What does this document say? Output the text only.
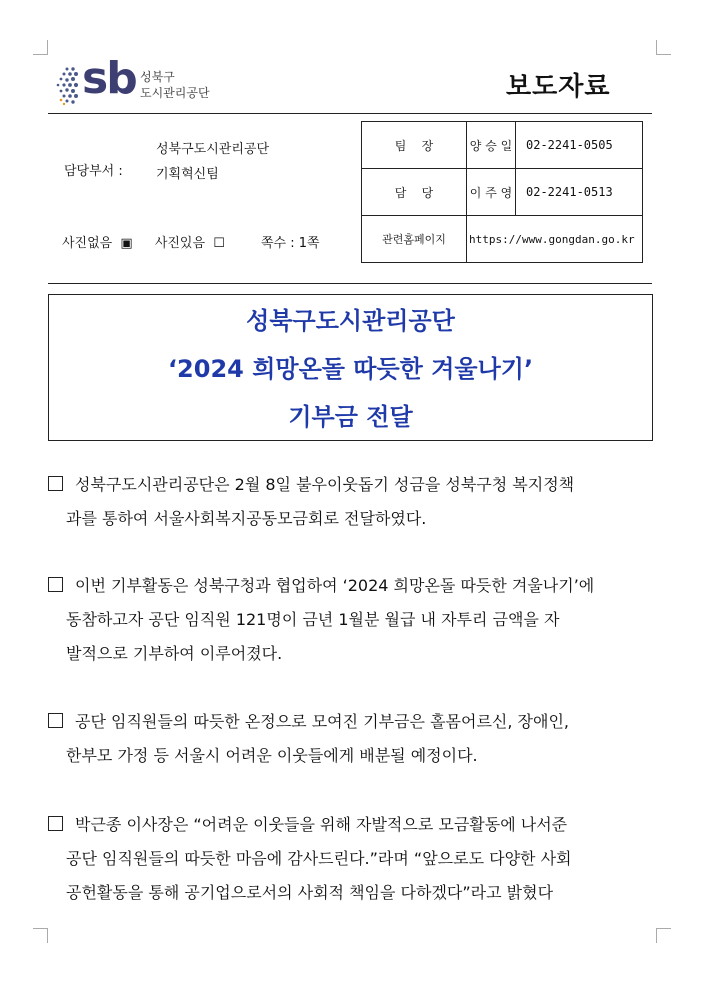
성북구
도시관리공단
sb	보도자료
담당부서 :
성북구도시관리공단
기획혁신팀
사진없음 ▣ 사진있음 ☐	쪽수 : 1쪽
팀    장	양 승 일	02-2241-0505
담    당	이 주 영	02-2241-0513
관련홈페이지	https://www.gongdan.go.kr	
성북구도시관리공단
‘2024 희망온돌 따듯한 겨울나기’
기부금 전달
성북구도시관리공단은 2월 8일 불우이웃돕기 성금을 성북구청 복지정책
과를 통하여 서울사회복지공동모금회로 전달하였다.
이번 기부활동은 성북구청과 협업하여 ‘2024 희망온돌 따듯한 겨울나기’에
동참하고자 공단 임직원 121명이 금년 1월분 월급 내 자투리 금액을 자
발적으로 기부하여 이루어졌다.
공단 임직원들의 따듯한 온정으로 모여진 기부금은 홀몸어르신, 장애인,
한부모 가정 등 서울시 어려운 이웃들에게 배분될 예정이다.
박근종 이사장은 “어려운 이웃들을 위해 자발적으로 모금활동에 나서준
공단 임직원들의 따듯한 마음에 감사드린다.”라며 “앞으로도 다양한 사회
공헌활동을 통해 공기업으로서의 사회적 책임을 다하겠다”라고 밝혔다
